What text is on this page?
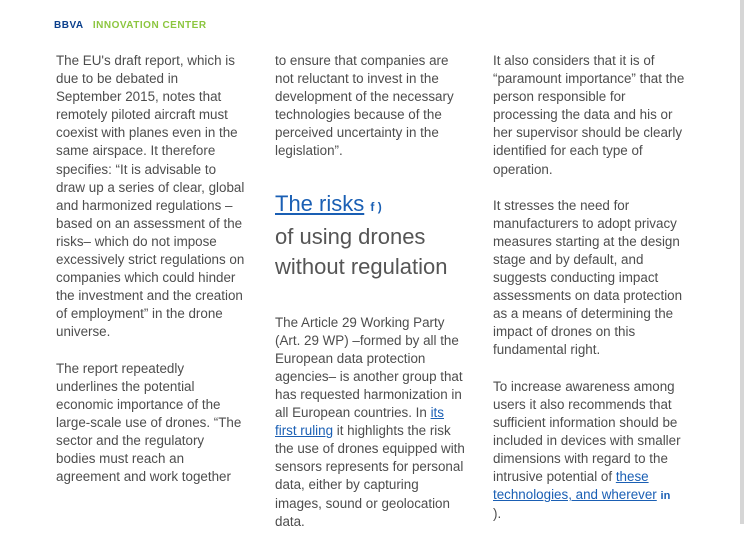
BBVA INNOVATION CENTER

The EU's draft report, which is due to be debated in September 2015, notes that remotely piloted aircraft must coexist with planes even in the same airspace. It therefore specifies: “It is advisable to draw up a series of clear, global and harmonized regulations –based on an assessment of the risks– which do not impose excessively strict regulations on companies which could hinder the investment and the creation of employment” in the drone universe.

The report repeatedly underlines the potential economic importance of the large-scale use of drones. “The sector and the regulatory bodies must reach an agreement and work together

to ensure that companies are not reluctant to invest in the development of the necessary technologies because of the perceived uncertainty in the legislation”.

The risks f )
of using drones without regulation

The Article 29 Working Party (Art. 29 WP) –formed by all the European data protection agencies– is another group that has requested harmonization in all European countries. In its first ruling it highlights the risk the use of drones equipped with sensors represents for personal data, either by capturing images, sound or geolocation data.

It also considers that it is of “paramount importance” that the person responsible for processing the data and his or her supervisor should be clearly identified for each type of operation.

It stresses the need for manufacturers to adopt privacy measures starting at the design stage and by default, and suggests conducting impact assessments on data protection as a means of determining the impact of drones on this fundamental right.

To increase awareness among users it also recommends that sufficient information should be included in devices with smaller dimensions with regard to the intrusive potential of these technologies, and wherever in
).
